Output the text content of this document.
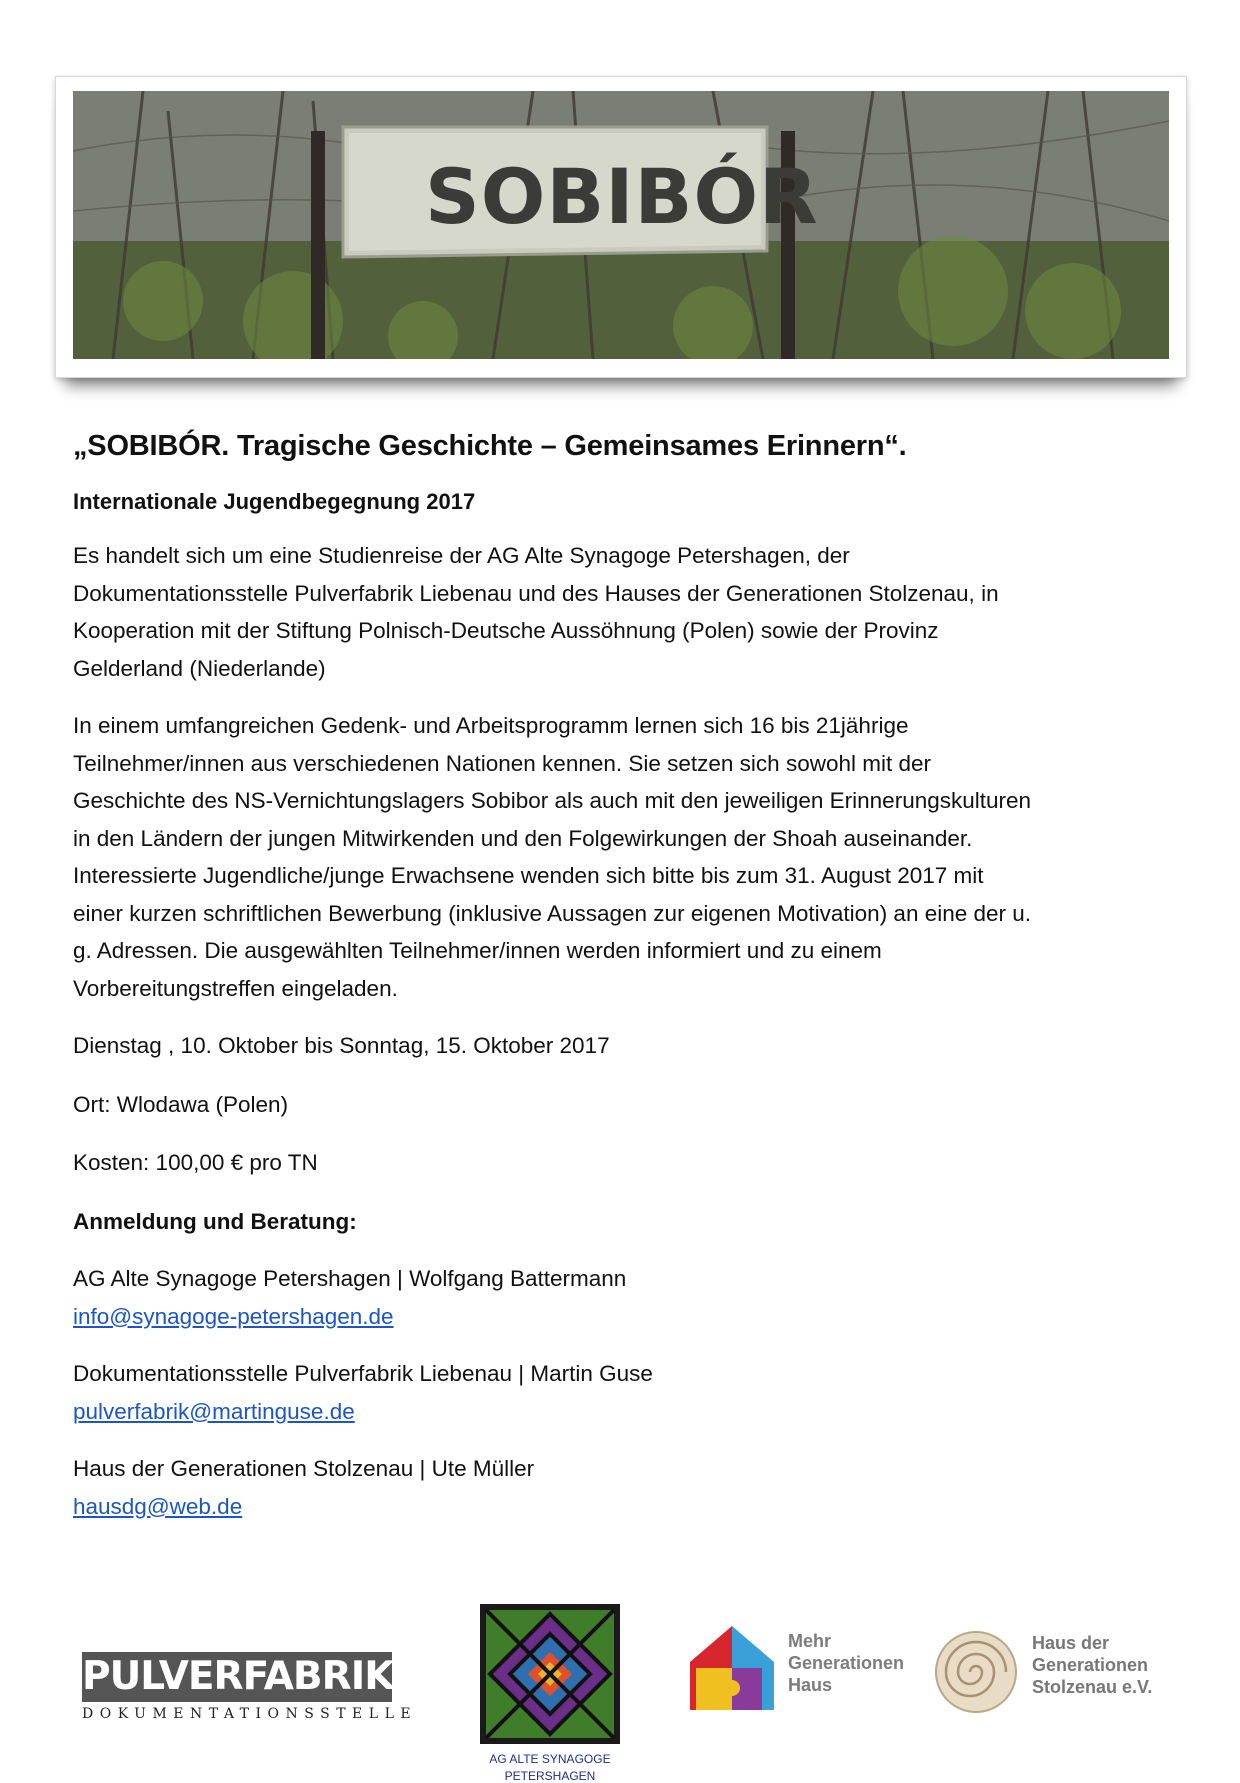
SOBIBÓR
„SOBIBÓR. Tragische Geschichte – Gemeinsames Erinnern“.
Internationale Jugendbegegnung 2017

Es handelt sich um eine Studienreise der AG Alte Synagoge Petershagen, der Dokumentationsstelle Pulverfabrik Liebenau und des Hauses der Generationen Stolzenau, in Kooperation mit der Stiftung Polnisch-Deutsche Aussöhnung (Polen) sowie der Provinz Gelderland (Niederlande)

In einem umfangreichen Gedenk- und Arbeitsprogramm lernen sich 16 bis 21jährige Teilnehmer/innen aus verschiedenen Nationen kennen. Sie setzen sich sowohl mit der Geschichte des NS-Vernichtungslagers Sobibor als auch mit den jeweiligen Erinnerungskulturen in den Ländern der jungen Mitwirkenden und den Folgewirkungen der Shoah auseinander.

Interessierte Jugendliche/junge Erwachsene wenden sich bitte bis zum 31. August 2017 mit einer kurzen schriftlichen Bewerbung (inklusive Aussagen zur eigenen Motivation) an eine der u. g. Adressen. Die ausgewählten Teilnehmer/innen werden informiert und zu einem Vorbereitungstreffen eingeladen.

Dienstag , 10. Oktober bis Sonntag, 15. Oktober 2017
Ort: Wlodawa (Polen)
Kosten: 100,00 € pro TN
Anmeldung und Beratung:
AG Alte Synagoge Petershagen | Wolfgang Battermann
info@synagoge-petershagen.de
Dokumentationsstelle Pulverfabrik Liebenau | Martin Guse
pulverfabrik@martinguse.de
Haus der Generationen Stolzenau | Ute Müller
hausdg@web.de
PULVERFABRIK
DOKUMENTATIONSSTELLE
AG ALTE SYNAGOGE
PETERSHAGEN
Mehr
Generationen
Haus
Haus der
Generationen
Stolzenau e.V.
